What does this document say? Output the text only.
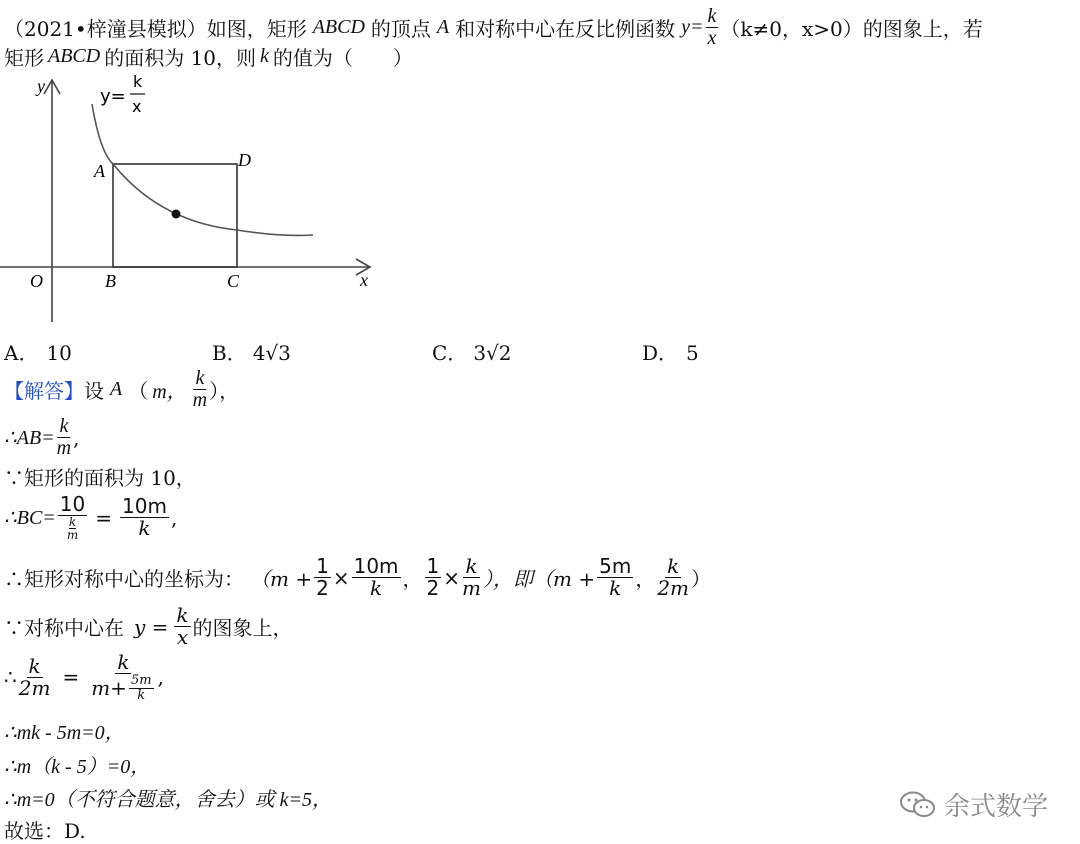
（2021•梓潼县模拟）如图，矩形 ABCD 的顶点 A 和对称中心在反比例函数 $y= \frac{k}{x} (k\ne 0$，x>0）的图象上，若
矩形 ABCD 的面积为 10，则 k 的值为（　　）
y
x
O
A
D
B	C
y=
k
x
A． 10	B． 4√3	C． 3√2	D． 5
【解答】 设 A （ m， $\frac{k}{m}$ ），
∴AB= $\frac{k}{m}$ ,
∵矩形的面积为 10，
∴BC= 10
k
$m = \frac{10m}{k}$ ,
∴矩形对称中心的坐标为： （$m + \frac{1}{2} \times \frac{10m}{k}$ ， $\frac{1}{2} \times \frac{k}{m}$ ），即（$m + \frac{5m}{k}$ ， $\frac{k}{2m}$ ）
∵对称中心在 $y = \frac{k}{x}$ 的图象上，
∴ $\frac{k}{2m} = \frac{k}{m+ \frac{5m}{k}}$ ,
∴mk - 5m=0，
∴m（k - 5）=0，
∴m=0（不符合题意，舍去）或 k=5，
故选：D.
余式数学
